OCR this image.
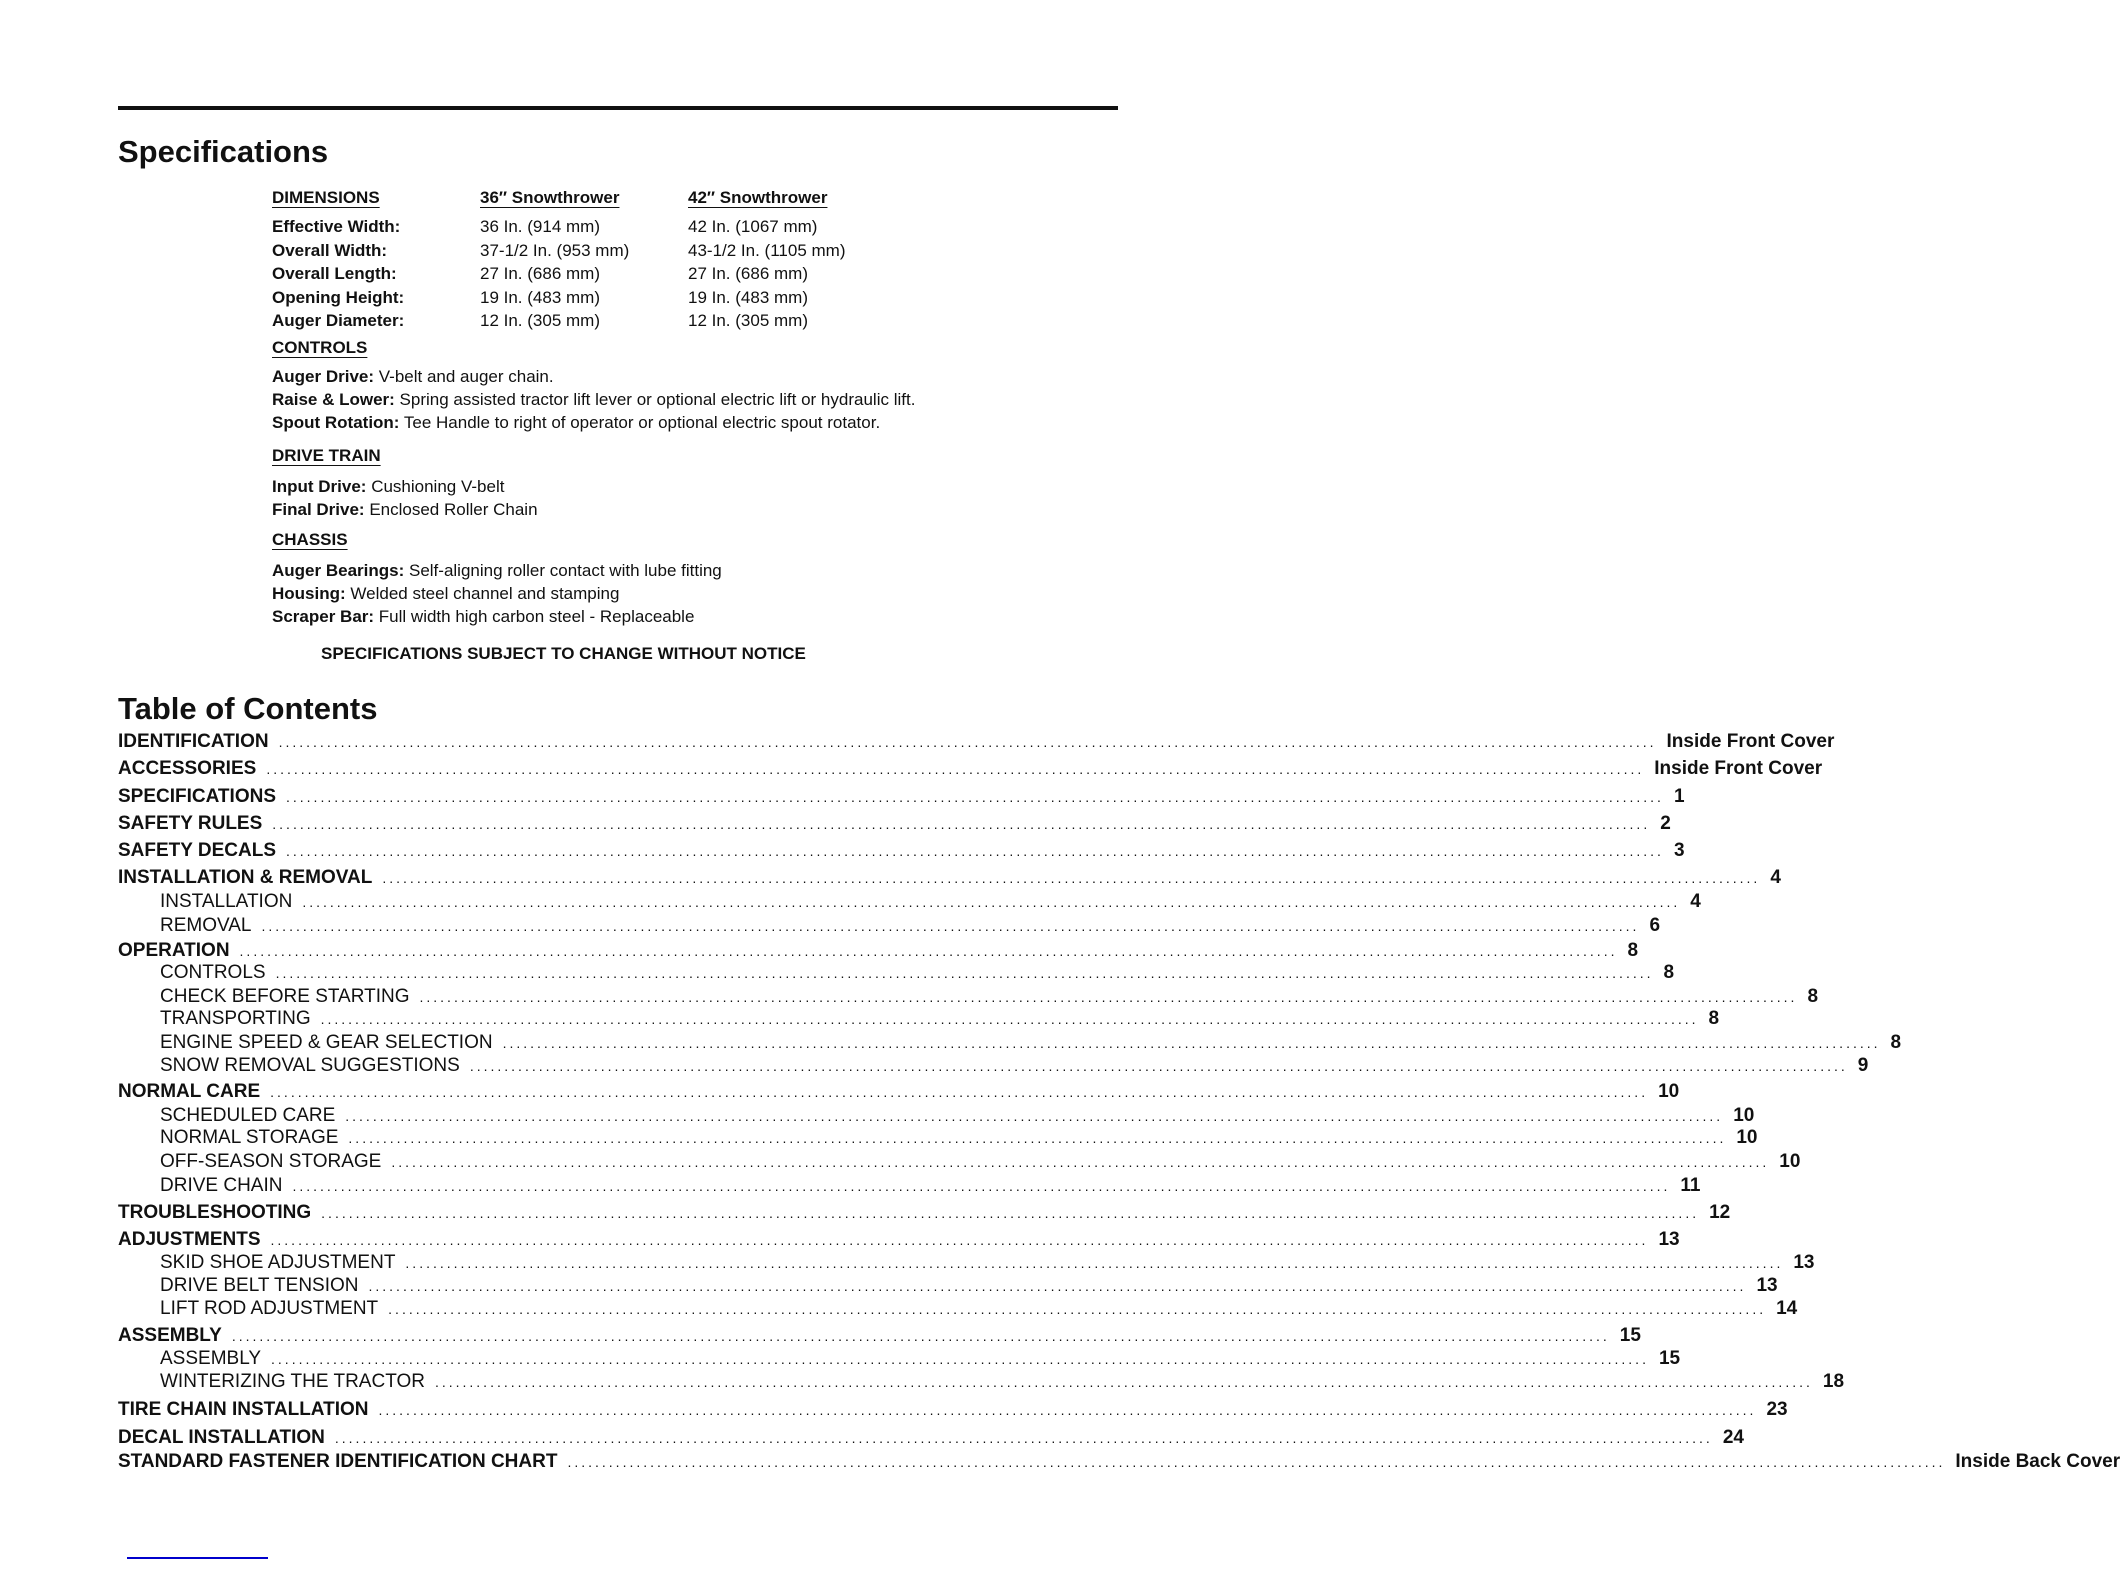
Specifications
DIMENSIONS	36″ Snowthrower	42″ Snowthrower
Effective Width:	36 In. (914 mm)	42 In. (1067 mm)
Overall Width:	37-1/2 In. (953 mm)	43-1/2 In. (1105 mm)
Overall Length:	27 In. (686 mm)	27 In. (686 mm)
Opening Height:	19 In. (483 mm)	19 In. (483 mm)
Auger Diameter:	12 In. (305 mm)	12 In. (305 mm)
CONTROLS
Auger Drive: V-belt and auger chain.
Raise & Lower: Spring assisted tractor lift lever or optional electric lift or hydraulic lift.
Spout Rotation: Tee Handle to right of operator or optional electric spout rotator.
DRIVE TRAIN
Input Drive: Cushioning V-belt
Final Drive: Enclosed Roller Chain
CHASSIS
Auger Bearings: Self-aligning roller contact with lube fitting
Housing: Welded steel channel and stamping
Scraper Bar: Full width high carbon steel - Replaceable
SPECIFICATIONS SUBJECT TO CHANGE WITHOUT NOTICE
Table of Contents
IDENTIFICATION ........................................................................................................................................................................................................ Inside Front Cover
ACCESSORIES ........................................................................................................................................................................................................ Inside Front Cover
SPECIFICATIONS ........................................................................................................................................................................................................ 1
SAFETY RULES ........................................................................................................................................................................................................ 2
SAFETY DECALS ........................................................................................................................................................................................................ 3
INSTALLATION & REMOVAL ........................................................................................................................................................................................................ 4
INSTALLATION ........................................................................................................................................................................................................ 4
REMOVAL ........................................................................................................................................................................................................ 6
OPERATION ........................................................................................................................................................................................................ 8
CONTROLS ........................................................................................................................................................................................................ 8
CHECK BEFORE STARTING ........................................................................................................................................................................................................ 8
TRANSPORTING ........................................................................................................................................................................................................ 8
ENGINE SPEED & GEAR SELECTION ........................................................................................................................................................................................................ 8
SNOW REMOVAL SUGGESTIONS ........................................................................................................................................................................................................ 9
NORMAL CARE ........................................................................................................................................................................................................ 10
SCHEDULED CARE ........................................................................................................................................................................................................ 10
NORMAL STORAGE ........................................................................................................................................................................................................ 10
OFF-SEASON STORAGE ........................................................................................................................................................................................................ 10
DRIVE CHAIN ........................................................................................................................................................................................................ 11
TROUBLESHOOTING ........................................................................................................................................................................................................ 12
ADJUSTMENTS ........................................................................................................................................................................................................ 13
SKID SHOE ADJUSTMENT ........................................................................................................................................................................................................ 13
DRIVE BELT TENSION ........................................................................................................................................................................................................ 13
LIFT ROD ADJUSTMENT ........................................................................................................................................................................................................ 14
ASSEMBLY ........................................................................................................................................................................................................ 15
ASSEMBLY ........................................................................................................................................................................................................ 15
WINTERIZING THE TRACTOR ........................................................................................................................................................................................................ 18
TIRE CHAIN INSTALLATION ........................................................................................................................................................................................................ 23
DECAL INSTALLATION ........................................................................................................................................................................................................ 24
STANDARD FASTENER IDENTIFICATION CHART ........................................................................................................................................................................................................ Inside Back Cover
